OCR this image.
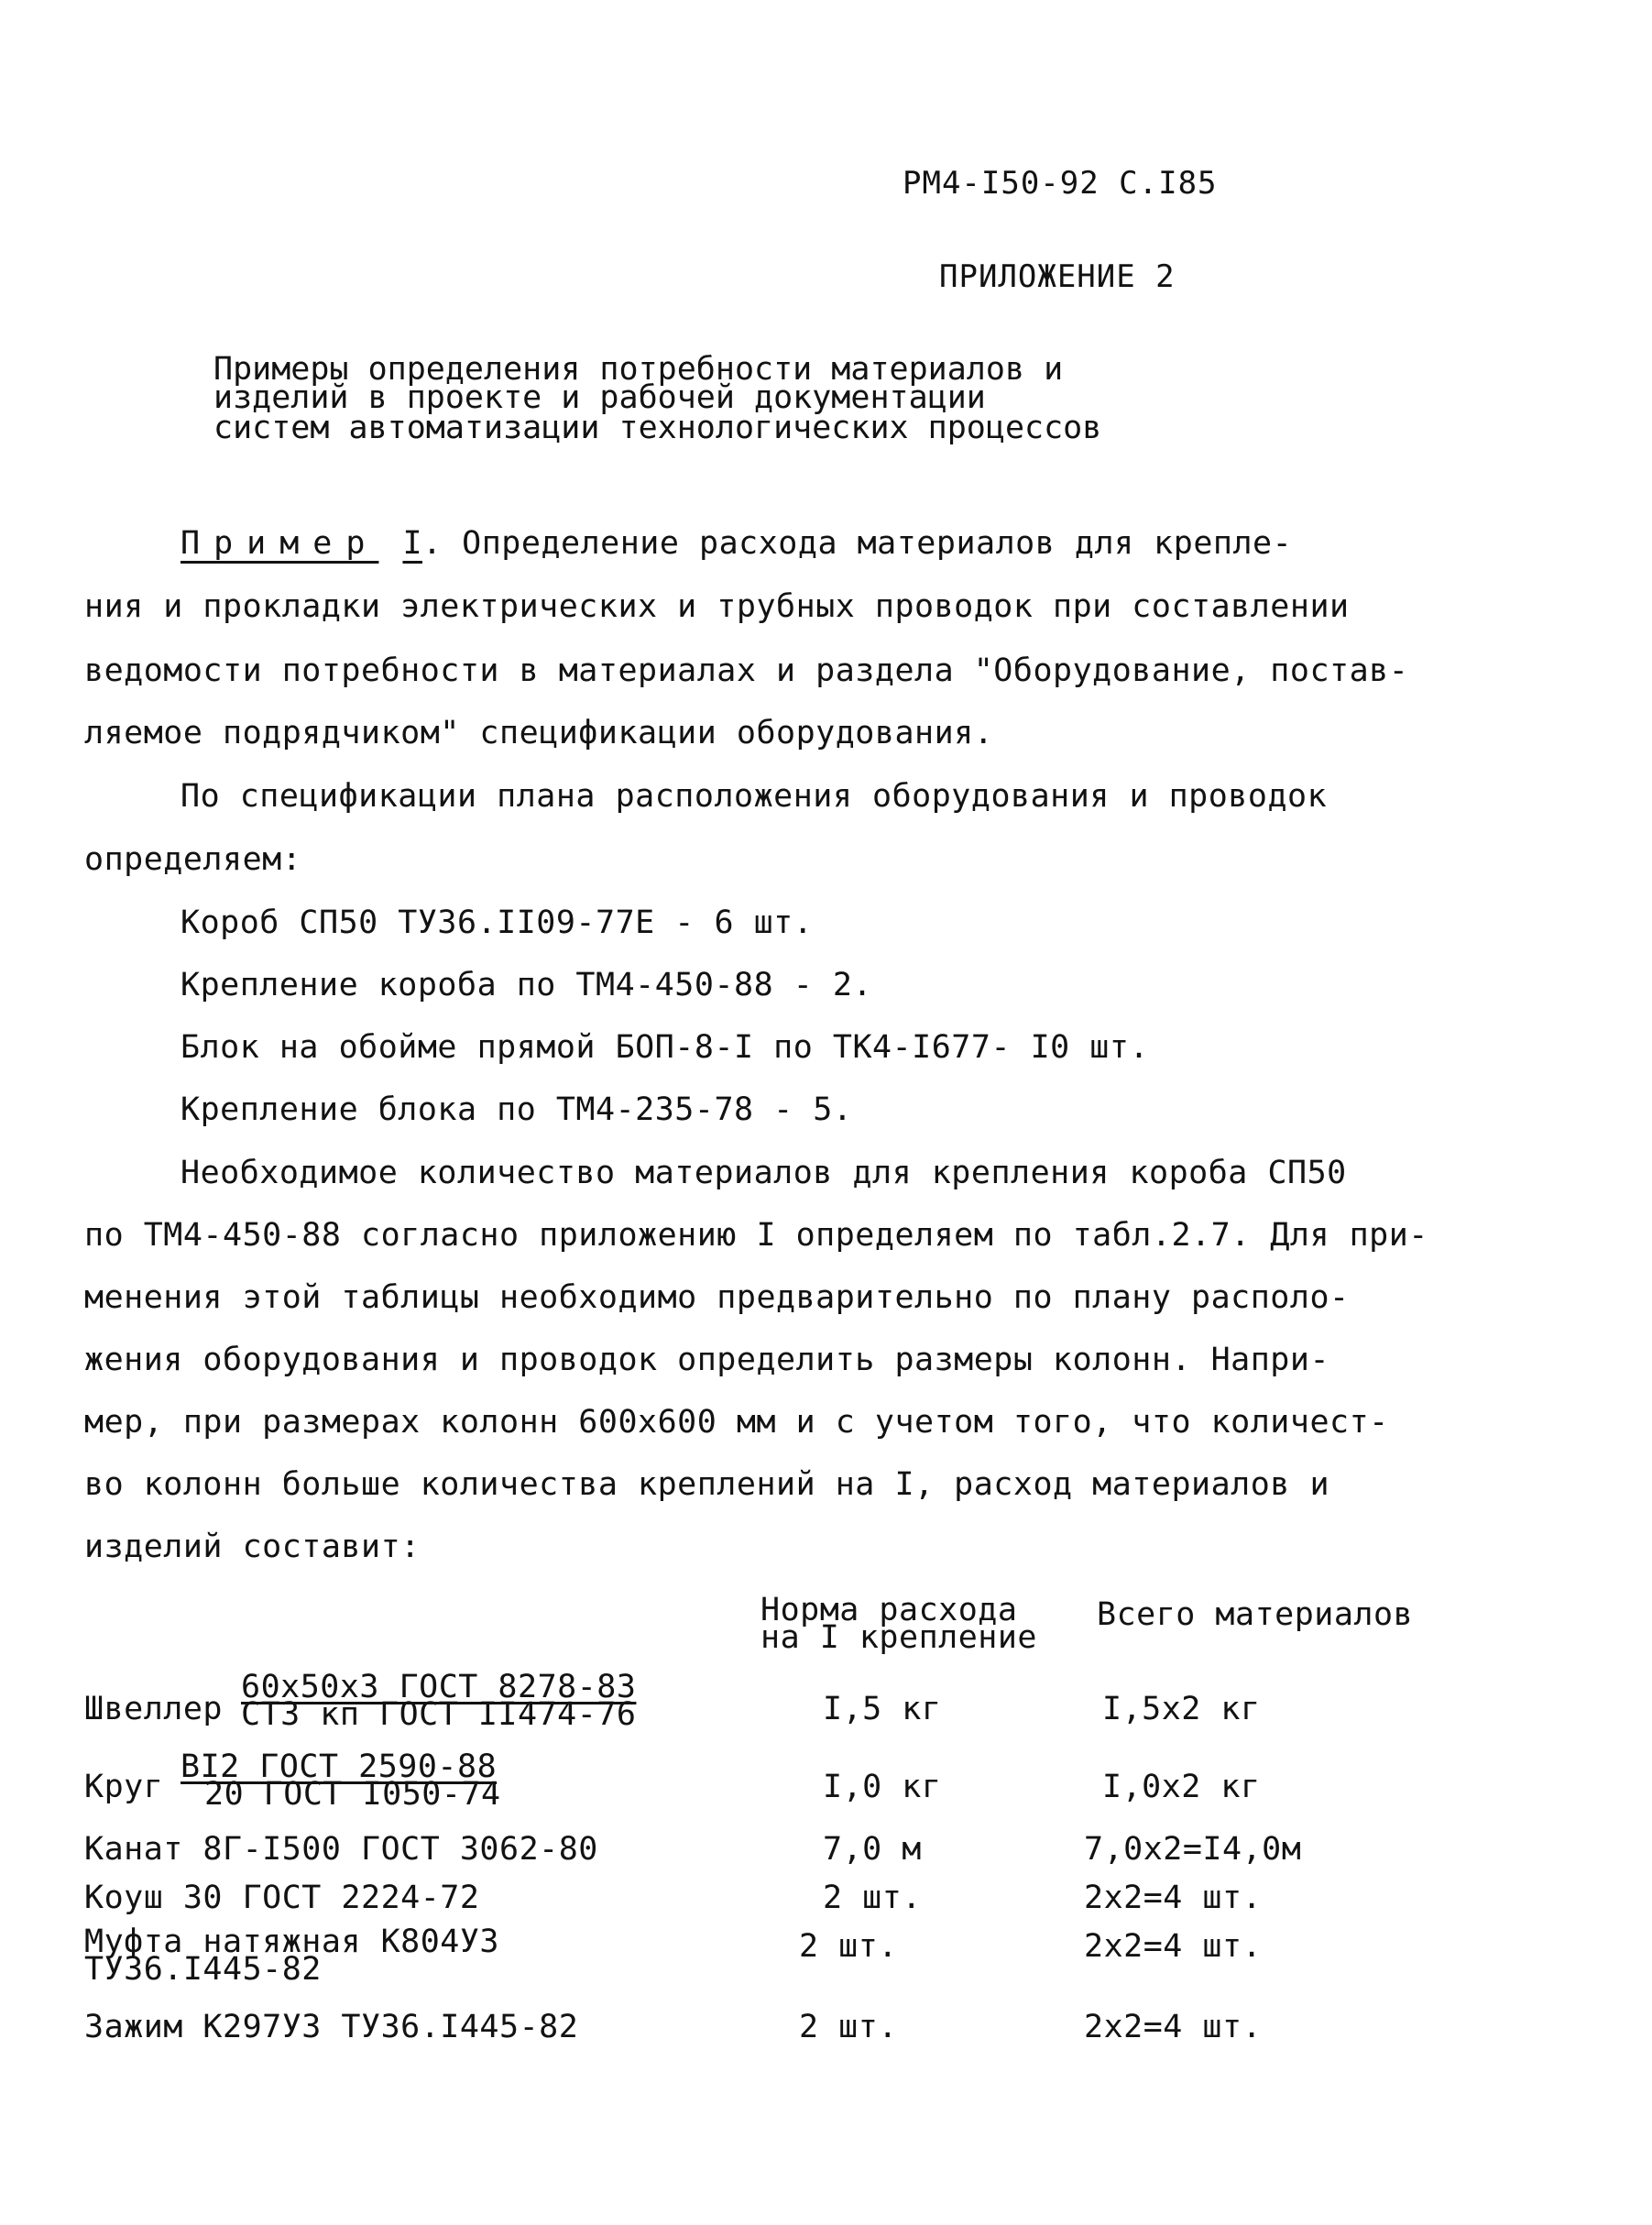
РМ4-I50-92 С.I85
ПРИЛОЖЕНИЕ 2
Примеры определения потребности материалов и
изделий в проекте и рабочей документации
систем автоматизации технологических процессов
Пример I. Определение расхода материалов для крепле-
ния и прокладки электрических и трубных проводок при составлении
ведомости потребности в материалах и раздела "Оборудование, постав-
ляемое подрядчиком" спецификации оборудования.
По спецификации плана расположения оборудования и проводок
определяем:
Короб СП50 ТУ36.II09-77Е - 6 шт.
Крепление короба по ТМ4-450-88 - 2.
Блок на обойме прямой БОП-8-I по ТК4-I677- I0 шт.
Крепление блока по ТМ4-235-78 - 5.
Необходимое количество материалов для крепления короба СП50
по ТМ4-450-88 согласно приложению I определяем по табл.2.7. Для при-
менения этой таблицы необходимо предварительно по плану располо-
жения оборудования и проводок определить размеры колонн. Напри-
мер, при размерах колонн 600х600 мм и с учетом того, что количест-
во колонн больше количества креплений на I, расход материалов и
изделий составит:
Норма расхода
на I крепление
Всего материалов
Швеллер
60х50х3 ГОСТ 8278-83
СТ3 кп ГОСТ II474-76	I,5 кг	I,5х2 кг
Круг
BI2 ГОСТ 2590-88
20 ГОСТ I050-74	I,0 кг	I,0х2 кг
Канат 8Г-I500 ГОСТ 3062-80	7,0 м	7,0х2=I4,0м
Коуш 30 ГОСТ 2224-72	2 шт.	2х2=4 шт.
Муфта натяжная К804У3
ТУ36.I445-82
2 шт.	2х2=4 шт.
Зажим К297У3 ТУ36.I445-82	2 шт.	2х2=4 шт.
